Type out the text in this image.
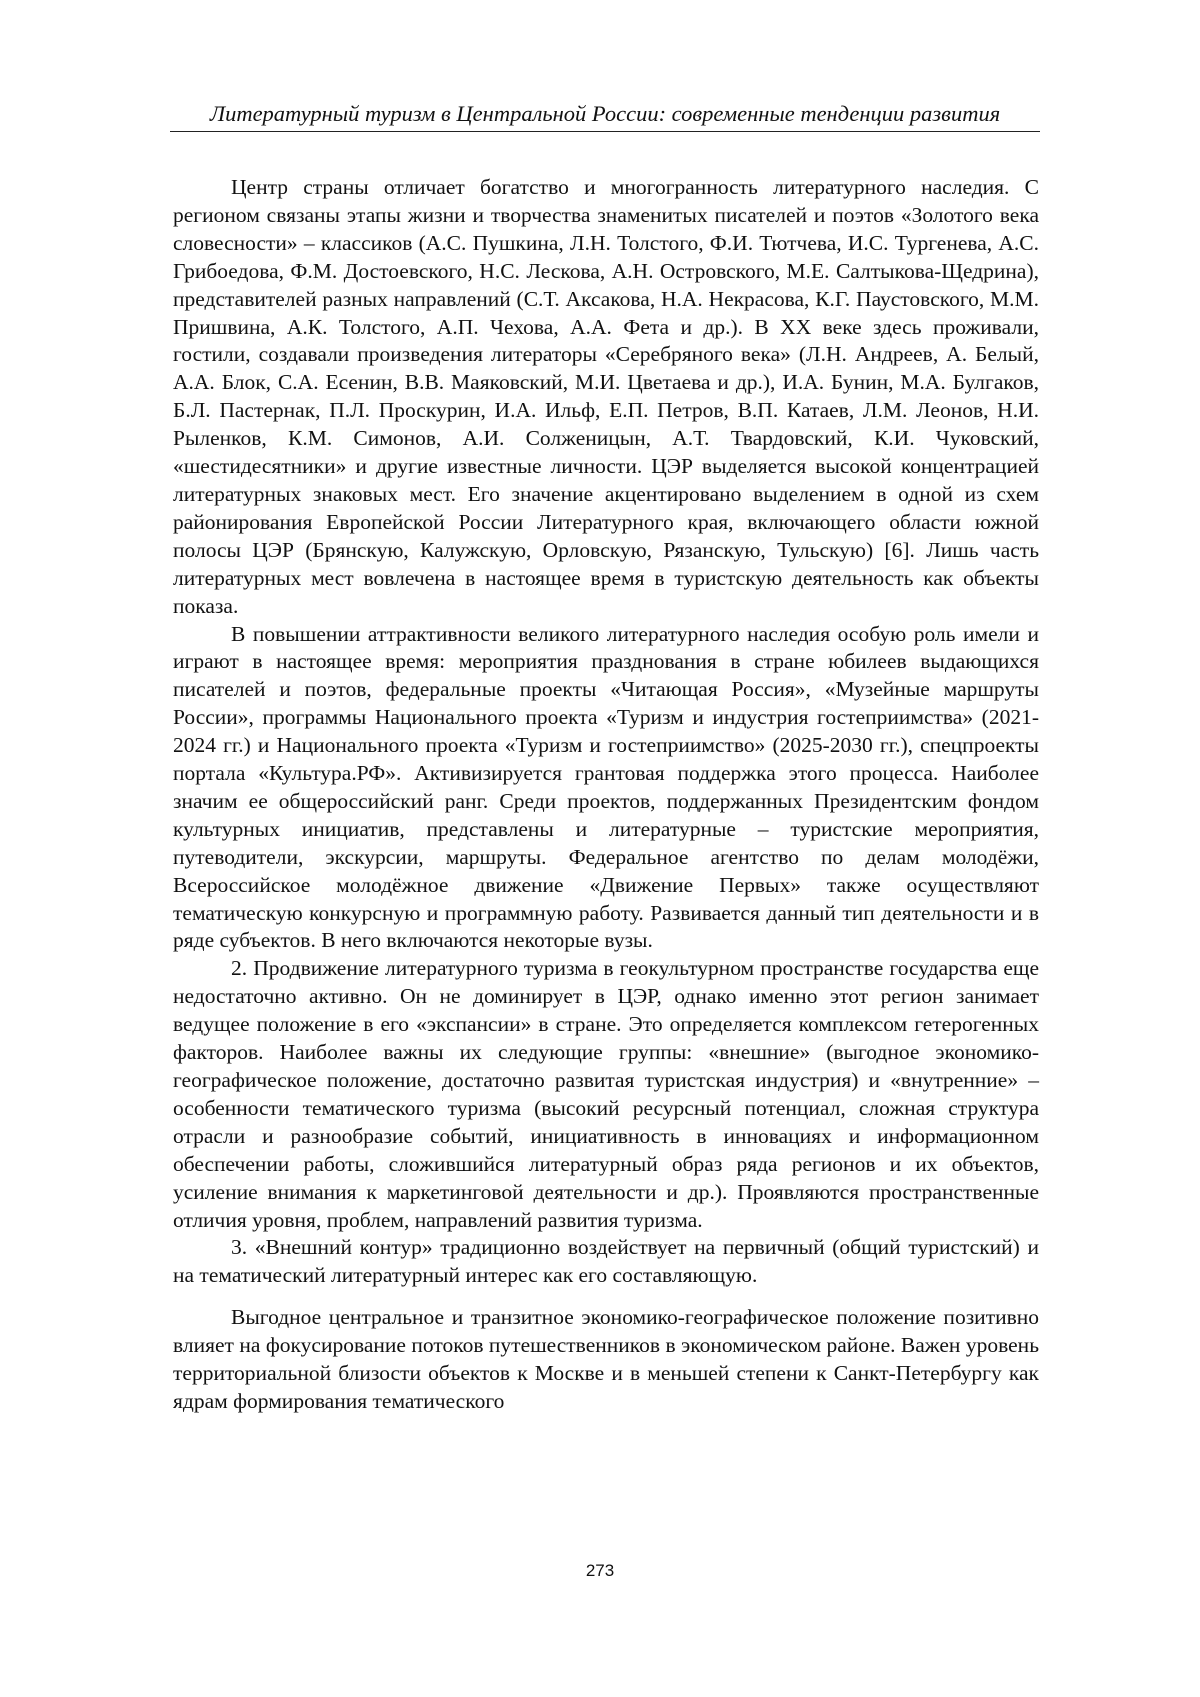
Литературный туризм в Центральной России: современные тенденции развития

Центр страны отличает богатство и многогранность литературного наследия. С регионом связаны этапы жизни и творчества знаменитых писателей и поэтов «Золотого века словесности» – классиков (А.С. Пушкина, Л.Н. Толстого, Ф.И. Тютчева, И.С. Тургенева, А.С. Грибоедова, Ф.М. Достоевского, Н.С. Лескова, А.Н. Островского, М.Е. Салтыкова-Щедрина), представителей разных направлений (С.Т. Аксакова, Н.А. Некрасова, К.Г. Паустовского, М.М. Пришвина, А.К. Толстого, А.П. Чехова, А.А. Фета и др.). В XX веке здесь проживали, гостили, создавали произведения литераторы «Серебряного века» (Л.Н. Андреев, А. Белый, А.А. Блок, С.А. Есенин, В.В. Маяковский, М.И. Цветаева и др.), И.А. Бунин, М.А. Булгаков, Б.Л. Пастернак, П.Л. Проскурин, И.А. Ильф, Е.П. Петров, В.П. Катаев, Л.М. Леонов, Н.И. Рыленков, К.М. Симонов, А.И. Солженицын, А.Т. Твардовский, К.И. Чуковский, «шестидесятники» и другие известные личности. ЦЭР выделяется высокой концентрацией литературных знаковых мест. Его значение акцентировано выделением в одной из схем районирования Европейской России Литературного края, включающего области южной полосы ЦЭР (Брянскую, Калужскую, Орловскую, Рязанскую, Тульскую) [6]. Лишь часть литературных мест вовлечена в настоящее время в туристскую деятельность как объекты показа.

В повышении аттрактивности великого литературного наследия особую роль имели и играют в настоящее время: мероприятия празднования в стране юбилеев выдающихся писателей и поэтов, федеральные проекты «Читающая Россия», «Музейные маршруты России», программы Национального проекта «Туризм и индустрия гостеприимства» (2021-2024 гг.) и Национального проекта «Туризм и гостеприимство» (2025-2030 гг.), спецпроекты портала «Культура.РФ». Активизируется грантовая поддержка этого процесса. Наиболее значим ее общероссийский ранг. Среди проектов, поддержанных Президентским фондом культурных инициатив, представлены и литературные – туристские мероприятия, путеводители, экскурсии, маршруты. Федеральное агентство по делам молодёжи, Всероссийское молодёжное движение «Движение Первых» также осуществляют тематическую конкурсную и программную работу. Развивается данный тип деятельности и в ряде субъектов. В него включаются некоторые вузы.

2. Продвижение литературного туризма в геокультурном пространстве государства еще недостаточно активно. Он не доминирует в ЦЭР, однако именно этот регион занимает ведущее положение в его «экспансии» в стране. Это определяется комплексом гетерогенных факторов. Наиболее важны их следующие группы: «внешние» (выгодное экономико-географическое положение, достаточно развитая туристская индустрия) и «внутренние» – особенности тематического туризма (высокий ресурсный потенциал, сложная структура отрасли и разнообразие событий, инициативность в инновациях и информационном обеспечении работы, сложившийся литературный образ ряда регионов и их объектов, усиление внимания к маркетинговой деятельности и др.). Проявляются пространственные отличия уровня, проблем, направлений развития туризма.

3. «Внешний контур» традиционно воздействует на первичный (общий туристский) и на тематический литературный интерес как его составляющую.

Выгодное центральное и транзитное экономико-географическое положение позитивно влияет на фокусирование потоков путешественников в экономическом районе. Важен уровень территориальной близости объектов к Москве и в меньшей степени к Санкт-Петербургу как ядрам формирования тематического

273
